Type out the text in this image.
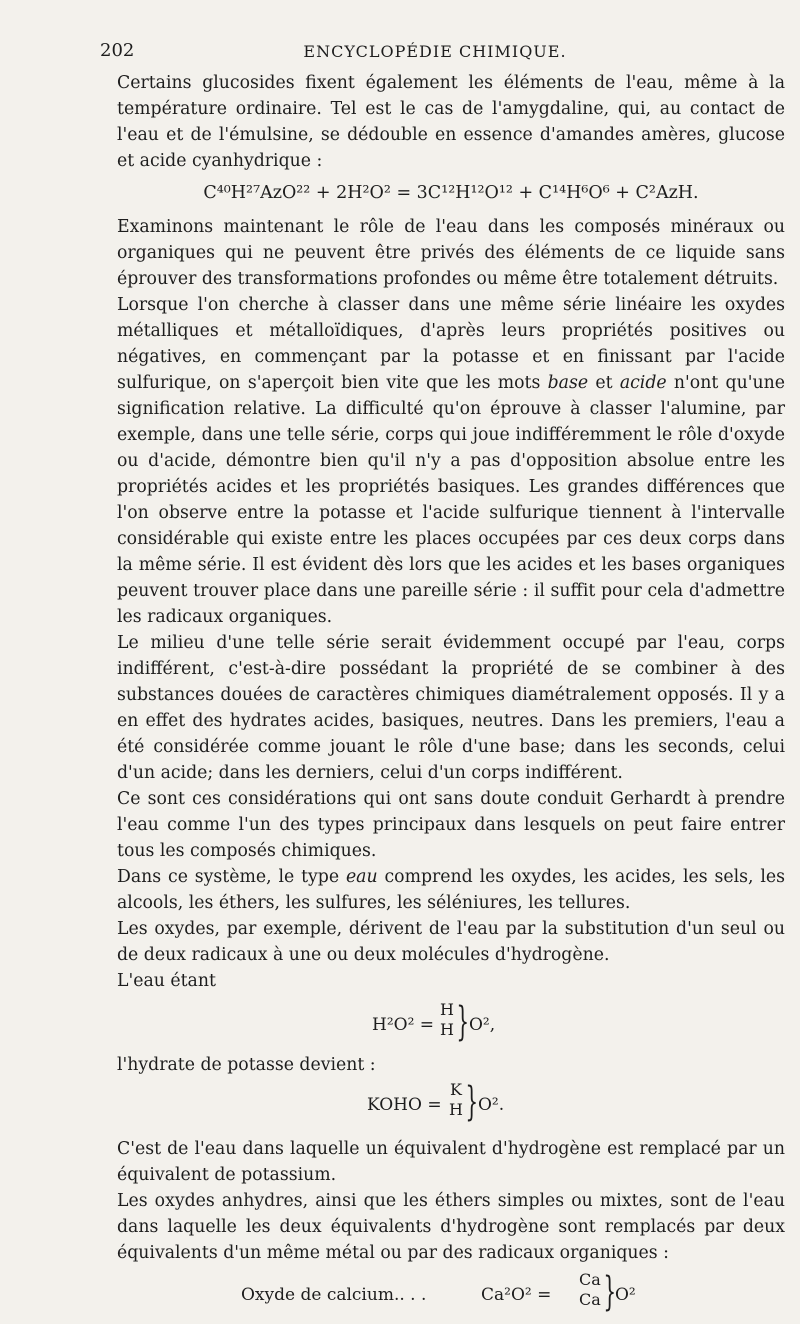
202	ENCYCLOPÉDIE CHIMIQUE.

Certains glucosides fixent également les éléments de l'eau, même à la température ordinaire. Tel est le cas de l'amygdaline, qui, au contact de l'eau et de l'émulsine, se dédouble en essence d'amandes amères, glucose et acide cyanhydrique :

C⁴⁰H²⁷AzO²² + 2H²O² = 3C¹²H¹²O¹² + C¹⁴H⁶O⁶ + C²AzH.

Examinons maintenant le rôle de l'eau dans les composés minéraux ou organiques qui ne peuvent être privés des éléments de ce liquide sans éprouver des transformations profondes ou même être totalement détruits.

Lorsque l'on cherche à classer dans une même série linéaire les oxydes métalliques et métalloïdiques, d'après leurs propriétés positives ou négatives, en commençant par la potasse et en finissant par l'acide sulfurique, on s'aperçoit bien vite que les mots base et acide n'ont qu'une signification relative. La difficulté qu'on éprouve à classer l'alumine, par exemple, dans une telle série, corps qui joue indifféremment le rôle d'oxyde ou d'acide, démontre bien qu'il n'y a pas d'opposition absolue entre les propriétés acides et les propriétés basiques. Les grandes différences que l'on observe entre la potasse et l'acide sulfurique tiennent à l'intervalle considérable qui existe entre les places occupées par ces deux corps dans la même série. Il est évident dès lors que les acides et les bases organiques peuvent trouver place dans une pareille série : il suffit pour cela d'admettre les radicaux organiques.

Le milieu d'une telle série serait évidemment occupé par l'eau, corps indifférent, c'est-à-dire possédant la propriété de se combiner à des substances douées de caractères chimiques diamétralement opposés. Il y a en effet des hydrates acides, basiques, neutres. Dans les premiers, l'eau a été considérée comme jouant le rôle d'une base; dans les seconds, celui d'un acide; dans les derniers, celui d'un corps indifférent.

Ce sont ces considérations qui ont sans doute conduit Gerhardt à prendre l'eau comme l'un des types principaux dans lesquels on peut faire entrer tous les composés chimiques.

Dans ce système, le type eau comprend les oxydes, les acides, les sels, les alcools, les éthers, les sulfures, les séléniures, les tellures.

Les oxydes, par exemple, dérivent de l'eau par la substitution d'un seul ou de deux radicaux à une ou deux molécules d'hydrogène.

L'eau étant

H²O² =
H
H } O²,

l'hydrate de potasse devient :

KOHO =
K
H } O².

C'est de l'eau dans laquelle un équivalent d'hydrogène est remplacé par un équivalent de potassium.

Les oxydes anhydres, ainsi que les éthers simples ou mixtes, sont de l'eau dans laquelle les deux équivalents d'hydrogène sont remplacés par deux équivalents d'un même métal ou par des radicaux organiques :

Oxyde de calcium.. . .	Ca²O² =
Ca
Ca }
O²
